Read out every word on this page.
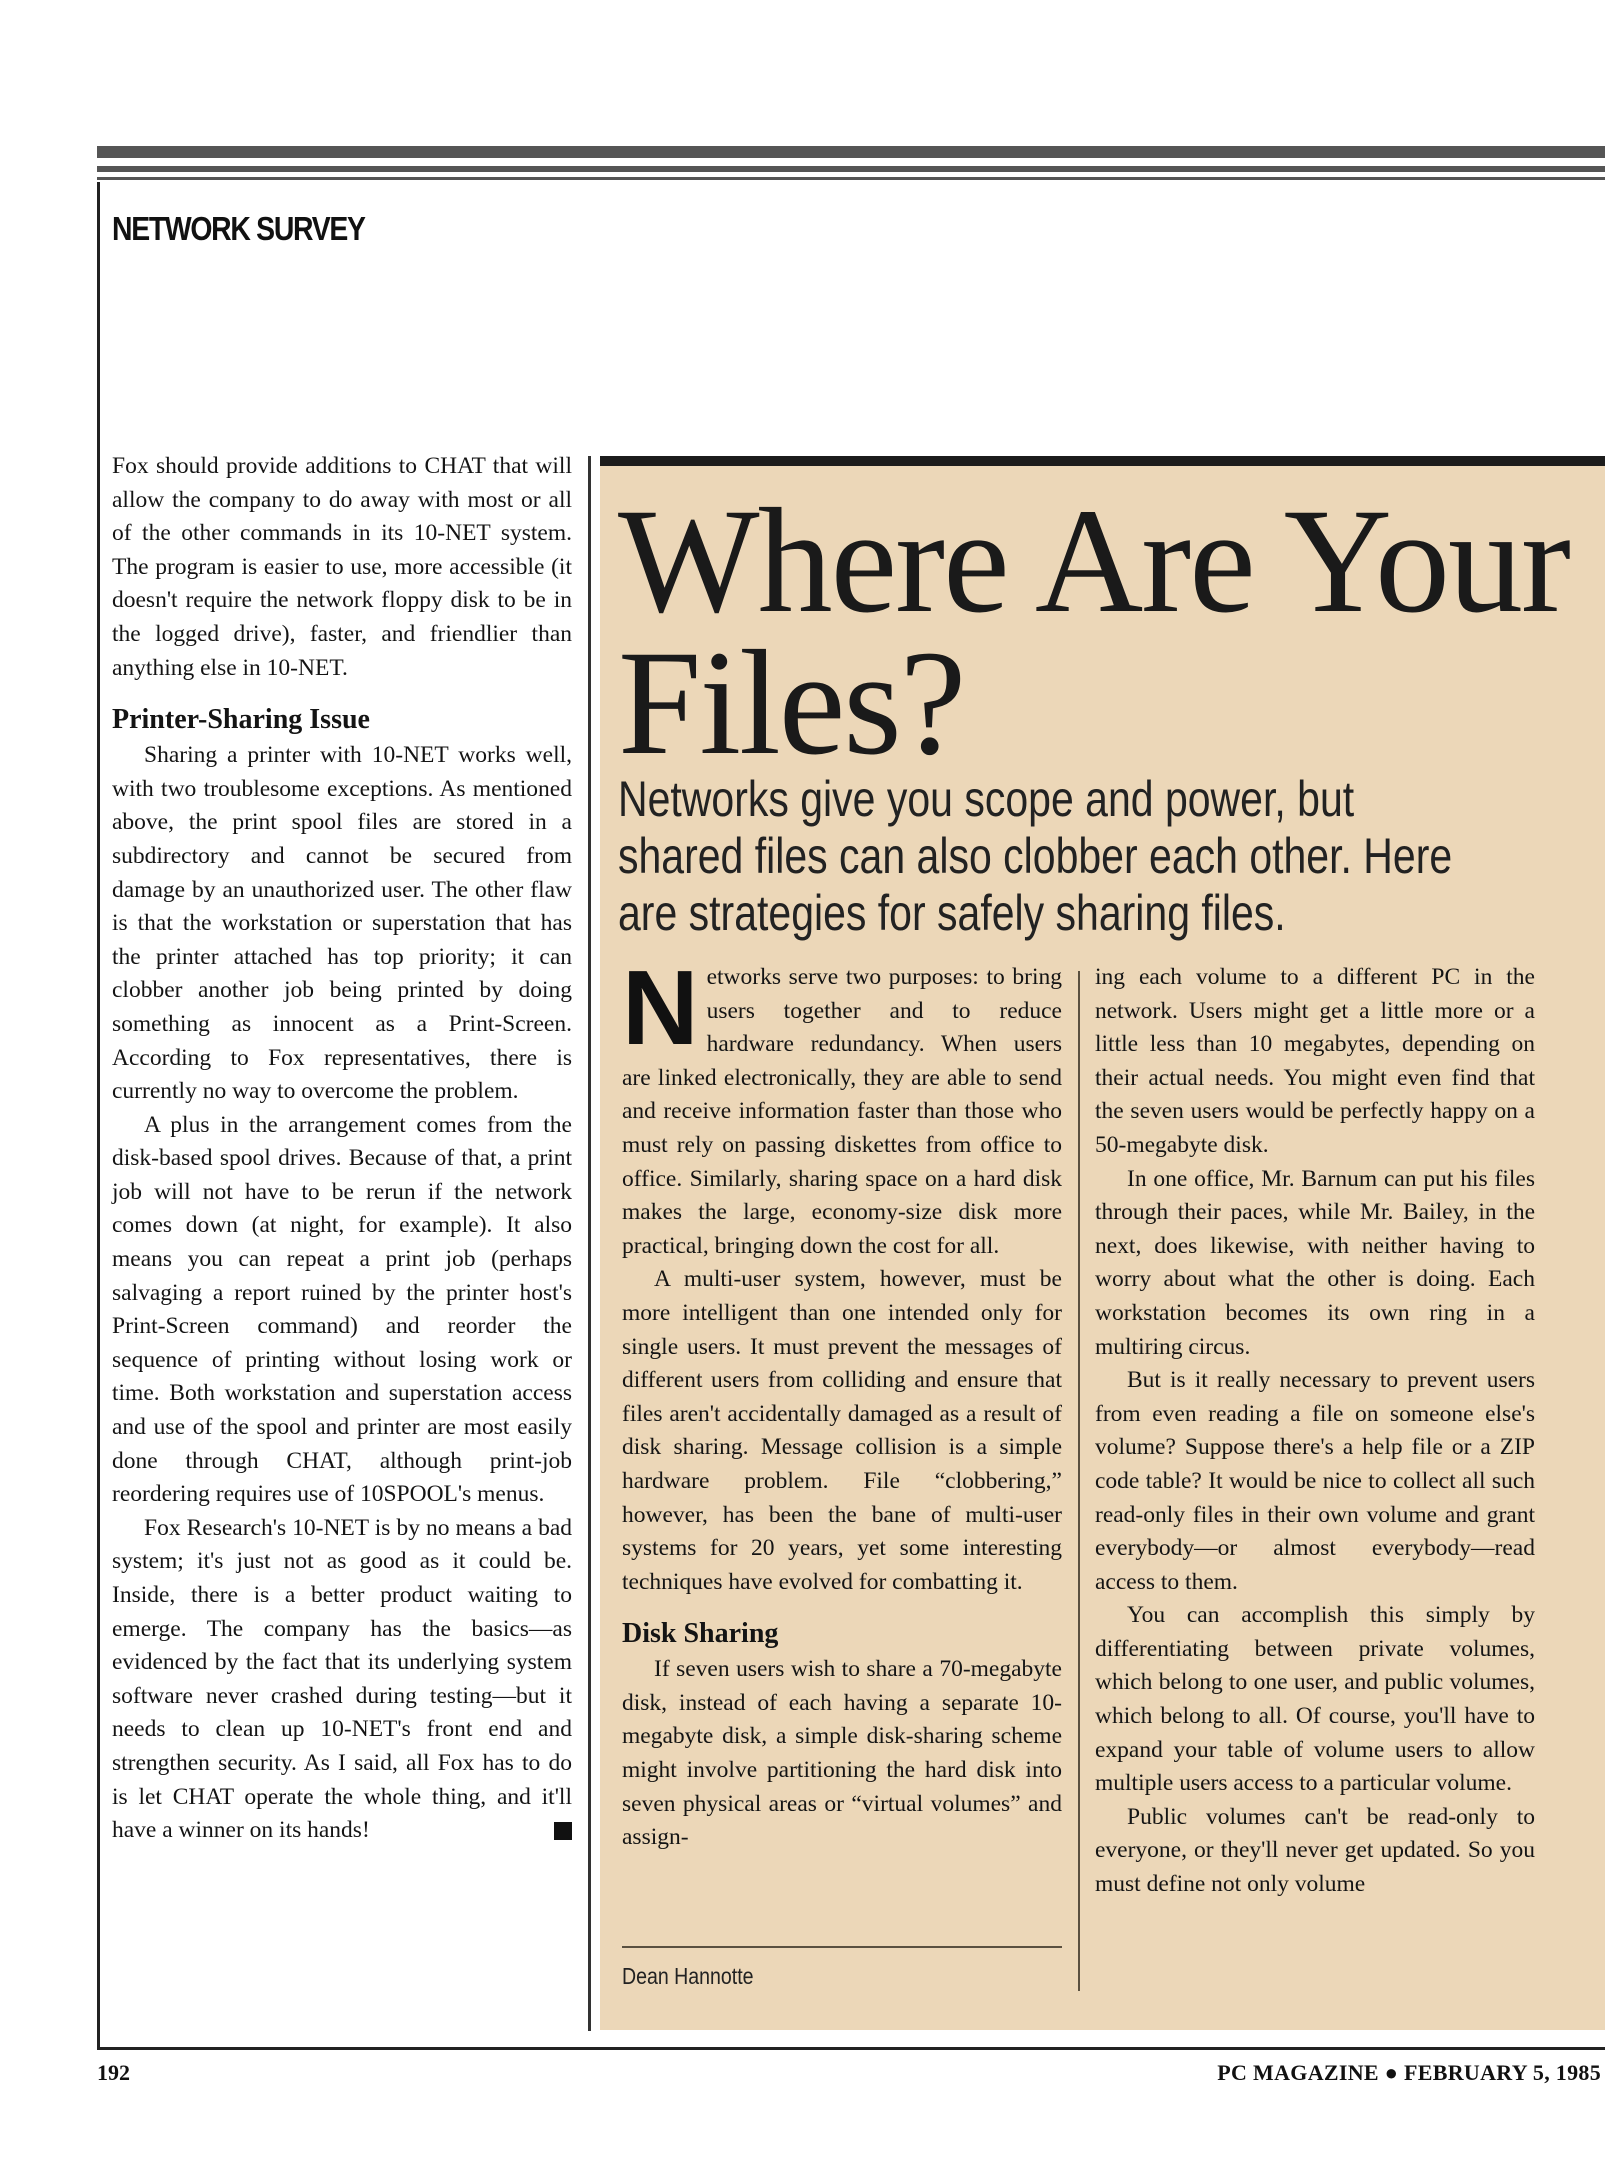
NETWORK SURVEY

Fox should provide additions to CHAT that will allow the company to do away with most or all of the other commands in its 10-NET system. The program is easier to use, more accessible (it doesn't require the network floppy disk to be in the logged drive), faster, and friendlier than anything else in 10-NET.

Printer-Sharing Issue

Sharing a printer with 10-NET works well, with two troublesome exceptions. As mentioned above, the print spool files are stored in a subdirectory and cannot be secured from damage by an unauthorized user. The other flaw is that the workstation or superstation that has the printer attached has top priority; it can clobber another job being printed by doing something as innocent as a Print-Screen. According to Fox representatives, there is currently no way to overcome the problem.

A plus in the arrangement comes from the disk-based spool drives. Because of that, a print job will not have to be rerun if the network comes down (at night, for example). It also means you can repeat a print job (perhaps salvaging a report ruined by the printer host's Print-Screen command) and reorder the sequence of printing without losing work or time. Both workstation and superstation access and use of the spool and printer are most easily done through CHAT, although print-job reordering requires use of 10SPOOL's menus.

Fox Research's 10-NET is by no means a bad system; it's just not as good as it could be. Inside, there is a better product waiting to emerge. The company has the basics—as evidenced by the fact that its underlying system software never crashed during testing—but it needs to clean up 10-NET's front end and strengthen security. As I said, all Fox has to do is let CHAT operate the whole thing, and it'll have a winner on its hands!

Where Are Your Files?
Networks give you scope and power, but shared files can also clobber each other. Here are strategies for safely sharing files.

Networks serve two purposes: to bring users together and to reduce hardware redundancy. When users are linked electronically, they are able to send and receive information faster than those who must rely on passing diskettes from office to office. Similarly, sharing space on a hard disk makes the large, economy-size disk more practical, bringing down the cost for all.

A multi-user system, however, must be more intelligent than one intended only for single users. It must prevent the messages of different users from colliding and ensure that files aren't accidentally damaged as a result of disk sharing. Message collision is a simple hardware problem. File “clobbering,” however, has been the bane of multi-user systems for 20 years, yet some interesting techniques have evolved for combatting it.

Disk Sharing

If seven users wish to share a 70-megabyte disk, instead of each having a separate 10-megabyte disk, a simple disk-sharing scheme might involve partitioning the hard disk into seven physical areas or “virtual volumes” and assign-

ing each volume to a different PC in the network. Users might get a little more or a little less than 10 megabytes, depending on their actual needs. You might even find that the seven users would be perfectly happy on a 50-megabyte disk.

In one office, Mr. Barnum can put his files through their paces, while Mr. Bailey, in the next, does likewise, with neither having to worry about what the other is doing. Each workstation becomes its own ring in a multiring circus.

But is it really necessary to prevent users from even reading a file on someone else's volume? Suppose there's a help file or a ZIP code table? It would be nice to collect all such read-only files in their own volume and grant everybody—or almost everybody—read access to them.

You can accomplish this simply by differentiating between private volumes, which belong to one user, and public volumes, which belong to all. Of course, you'll have to expand your table of volume users to allow multiple users access to a particular volume.

Public volumes can't be read-only to everyone, or they'll never get updated. So you must define not only volume

Dean Hannotte
192	PC MAGAZINE ● FEBRUARY 5, 1985
